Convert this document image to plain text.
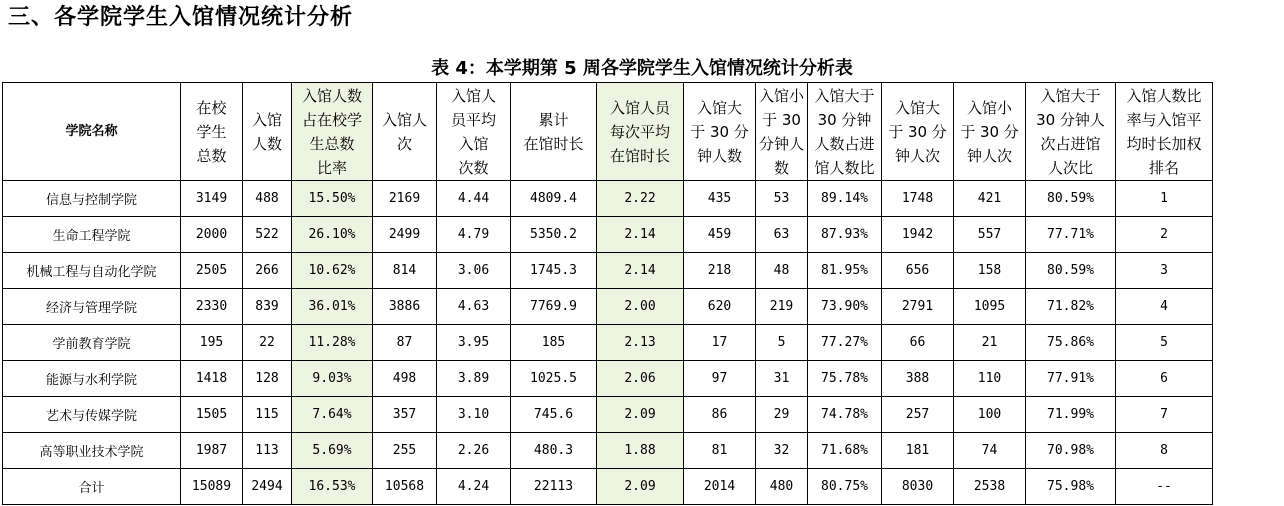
三、各学院学生入馆情况统计分析
表 4：本学期第 5 周各学院学生入馆情况统计分析表
学院名称	在校
学生
总数	入馆
人数	入馆人数
占在校学
生总数
比率	入馆人
次	入馆人
员平均
入馆
次数	累计
在馆时长	入馆人员
每次平均
在馆时长	入馆大
于 30 分
钟人数	入馆小
于 30
分钟人
数	入馆大于
30 分钟
人数占进
馆人数比	入馆大
于 30 分
钟人次	入馆小
于 30 分
钟人次	入馆大于
30 分钟人
次占进馆
人次比	入馆人数比
率与入馆平
均时长加权
排名

信息与控制学院	3149	488	15.50%	2169	4.44	4809.4	2.22	435	53	89.14%	1748	421	80.59%	1
生命工程学院	2000	522	26.10%	2499	4.79	5350.2	2.14	459	63	87.93%	1942	557	77.71%	2
机械工程与自动化学院	2505	266	10.62%	814	3.06	1745.3	2.14	218	48	81.95%	656	158	80.59%	3
经济与管理学院	2330	839	36.01%	3886	4.63	7769.9	2.00	620	219	73.90%	2791	1095	71.82%	4
学前教育学院	195	22	11.28%	87	3.95	185	2.13	17	5	77.27%	66	21	75.86%	5
能源与水利学院	1418	128	9.03%	498	3.89	1025.5	2.06	97	31	75.78%	388	110	77.91%	6
艺术与传媒学院	1505	115	7.64%	357	3.10	745.6	2.09	86	29	74.78%	257	100	71.99%	7
高等职业技术学院	1987	113	5.69%	255	2.26	480.3	1.88	81	32	71.68%	181	74	70.98%	8
合计	15089	2494	16.53%	10568	4.24	22113	2.09	2014	480	80.75%	8030	2538	75.98%	--
